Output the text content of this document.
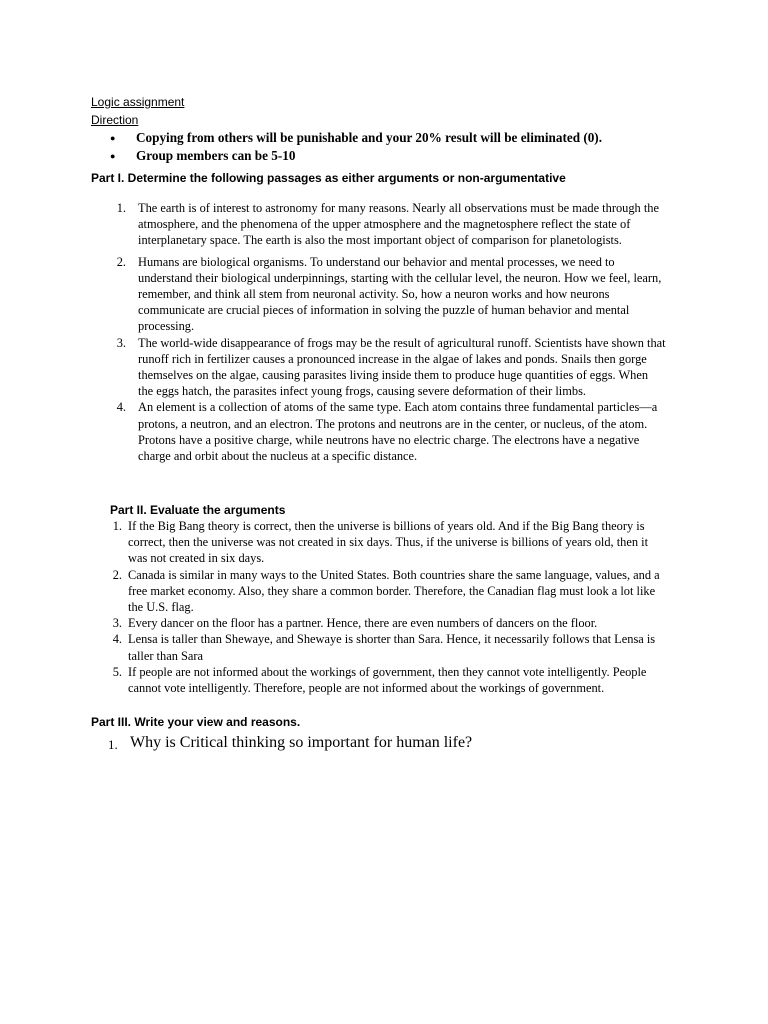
Logic assignment
Direction
● Copying from others will be punishable and your 20% result will be eliminated (0).
● Group members can be 5-10
Part I. Determine the following passages as either arguments or non-argumentative
1. The earth is of interest to astronomy for many reasons. Nearly all observations must be made through the atmosphere, and the phenomena of the upper atmosphere and the magnetosphere reflect the state of interplanetary space. The earth is also the most important object of comparison for planetologists.
2. Humans are biological organisms. To understand our behavior and mental processes, we need to understand their biological underpinnings, starting with the cellular level, the neuron. How we feel, learn, remember, and think all stem from neuronal activity. So, how a neuron works and how neurons communicate are crucial pieces of information in solving the puzzle of human behavior and mental processing.
3. The world-wide disappearance of frogs may be the result of agricultural runoff. Scientists have shown that runoff rich in fertilizer causes a pronounced increase in the algae of lakes and ponds. Snails then gorge themselves on the algae, causing parasites living inside them to produce huge quantities of eggs. When the eggs hatch, the parasites infect young frogs, causing severe deformation of their limbs.
4. An element is a collection of atoms of the same type. Each atom contains three fundamental particles—a protons, a neutron, and an electron. The protons and neutrons are in the center, or nucleus, of the atom. Protons have a positive charge, while neutrons have no electric charge. The electrons have a negative charge and orbit about the nucleus at a specific distance.
Part II. Evaluate the arguments
1. If the Big Bang theory is correct, then the universe is billions of years old. And if the Big Bang theory is correct, then the universe was not created in six days. Thus, if the universe is billions of years old, then it was not created in six days.
2. Canada is similar in many ways to the United States. Both countries share the same language, values, and a free market economy. Also, they share a common border. Therefore, the Canadian flag must look a lot like the U.S. flag.
3. Every dancer on the floor has a partner. Hence, there are even numbers of dancers on the floor.
4. Lensa is taller than Shewaye, and Shewaye is shorter than Sara. Hence, it necessarily follows that Lensa is taller than Sara
5. If people are not informed about the workings of government, then they cannot vote intelligently. People cannot vote intelligently. Therefore, people are not informed about the workings of government.
Part III. Write your view and reasons.
1. Why is Critical thinking so important for human life?
